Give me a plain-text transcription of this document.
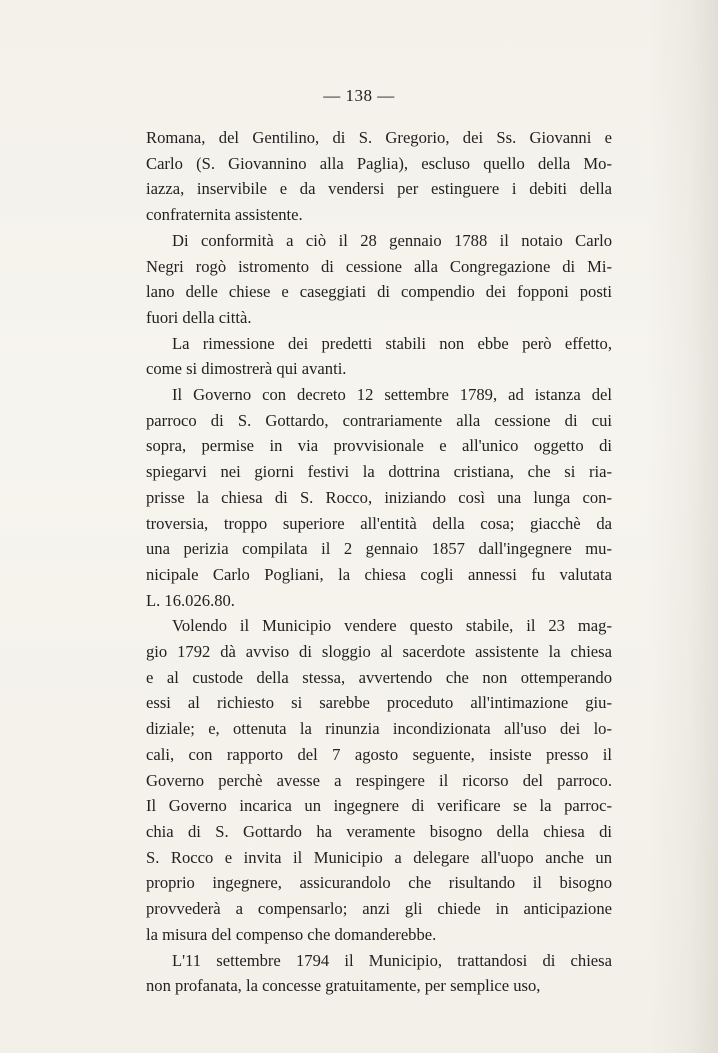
— 138 —
Romana, del Gentilino, di S. Gregorio, dei Ss. Giovanni e
Carlo (S. Giovannino alla Paglia), escluso quello della Mo-
iazza, inservibile e da vendersi per estinguere i debiti della
confraternita assistente.
Di conformità a ciò il 28 gennaio 1788 il notaio Carlo
Negri rogò istromento di cessione alla Congregazione di Mi-
lano delle chiese e caseggiati di compendio dei fopponi posti
fuori della città.
La rimessione dei predetti stabili non ebbe però effetto,
come si dimostrerà qui avanti.
Il Governo con decreto 12 settembre 1789, ad istanza del
parroco di S. Gottardo, contrariamente alla cessione di cui
sopra, permise in via provvisionale e all'unico oggetto di
spiegarvi nei giorni festivi la dottrina cristiana, che si ria-
prisse la chiesa di S. Rocco, iniziando così una lunga con-
troversia, troppo superiore all'entità della cosa; giacchè da
una perizia compilata il 2 gennaio 1857 dall'ingegnere mu-
nicipale Carlo Pogliani, la chiesa cogli annessi fu valutata
L. 16.026.80.
Volendo il Municipio vendere questo stabile, il 23 mag-
gio 1792 dà avviso di sloggio al sacerdote assistente la chiesa
e al custode della stessa, avvertendo che non ottemperando
essi al richiesto si sarebbe proceduto all'intimazione giu-
diziale; e, ottenuta la rinunzia incondizionata all'uso dei lo-
cali, con rapporto del 7 agosto seguente, insiste presso il
Governo perchè avesse a respingere il ricorso del parroco.
Il Governo incarica un ingegnere di verificare se la parroc-
chia di S. Gottardo ha veramente bisogno della chiesa di
S. Rocco e invita il Municipio a delegare all'uopo anche un
proprio ingegnere, assicurandolo che risultando il bisogno
provvederà a compensarlo; anzi gli chiede in anticipazione
la misura del compenso che domanderebbe.
L'11 settembre 1794 il Municipio, trattandosi di chiesa
non profanata, la concesse gratuitamente, per semplice uso,
